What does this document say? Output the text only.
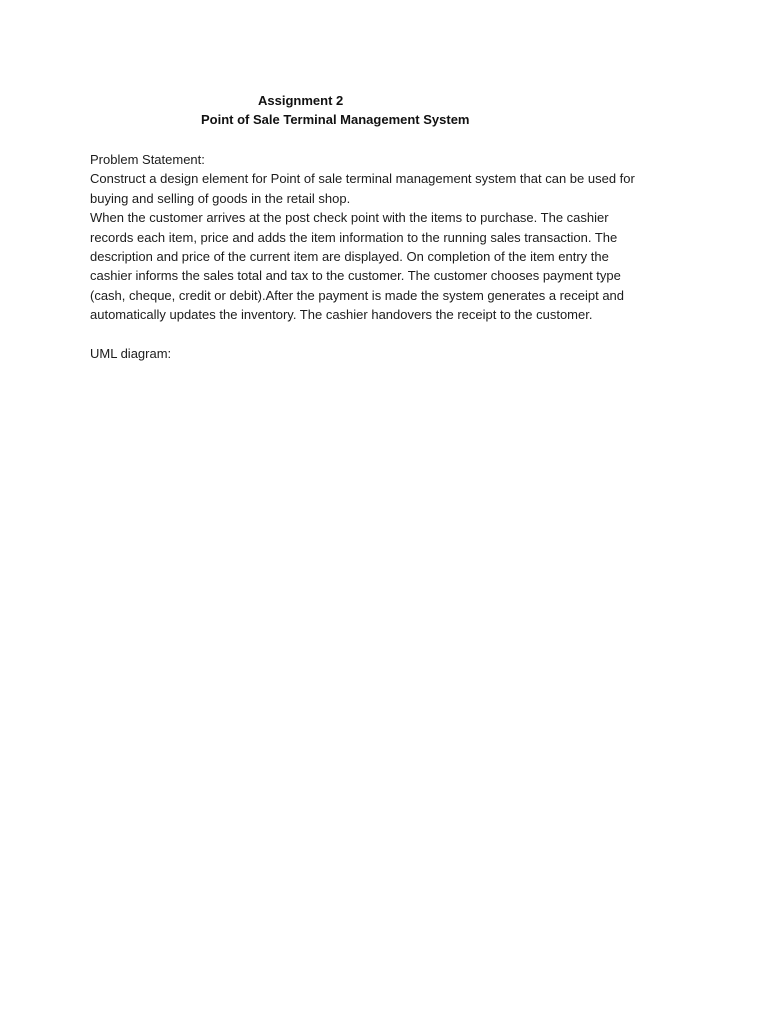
Assignment 2
Point of Sale Terminal Management System
Problem Statement:

Construct a design element for Point of sale terminal management system that can be used for
buying and selling of goods in the retail shop.

When the customer arrives at the post check point with the items to purchase. The cashier
records each item, price and adds the item information to the running sales transaction. The
description and price of the current item are displayed. On completion of the item entry the
cashier informs the sales total and tax to the customer. The customer chooses payment type
(cash, cheque, credit or debit).After the payment is made the system generates a receipt and
automatically updates the inventory. The cashier handovers the receipt to the customer.

UML diagram:
